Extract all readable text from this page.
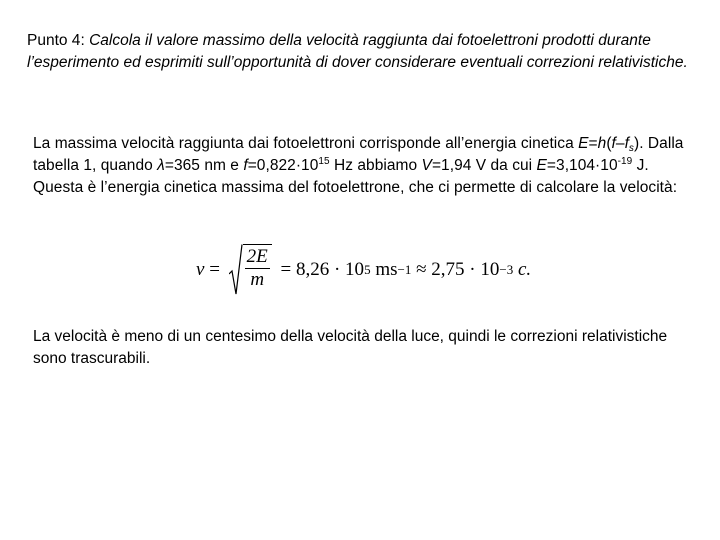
Punto 4: Calcola il valore massimo della velocità raggiunta dai fotoelettroni prodotti durante l’esperimento ed esprimiti sull’opportunità di dover considerare eventuali correzioni relativistiche.
La massima velocità raggiunta dai fotoelettroni corrisponde all’energia cinetica $E=h(f-f_s)$. Dalla tabella 1, quando λ=365 nm e $f=0,822\cdot 10^{15}$ Hz abbiamo V=1,94 V da cui $E=3,104\cdot 10^{-19}$ J. Questa è l’energia cinetica massima del fotoelettrone, che ci permette di calcolare la velocità:
$v = \frac{2E}{m} = 8,26 \cdot 10$ 5 ms −1 ≈ 2,75 · 10 −3 c.
La velocità è meno di un centesimo della velocità della luce, quindi le correzioni relativistiche sono trascurabili.
